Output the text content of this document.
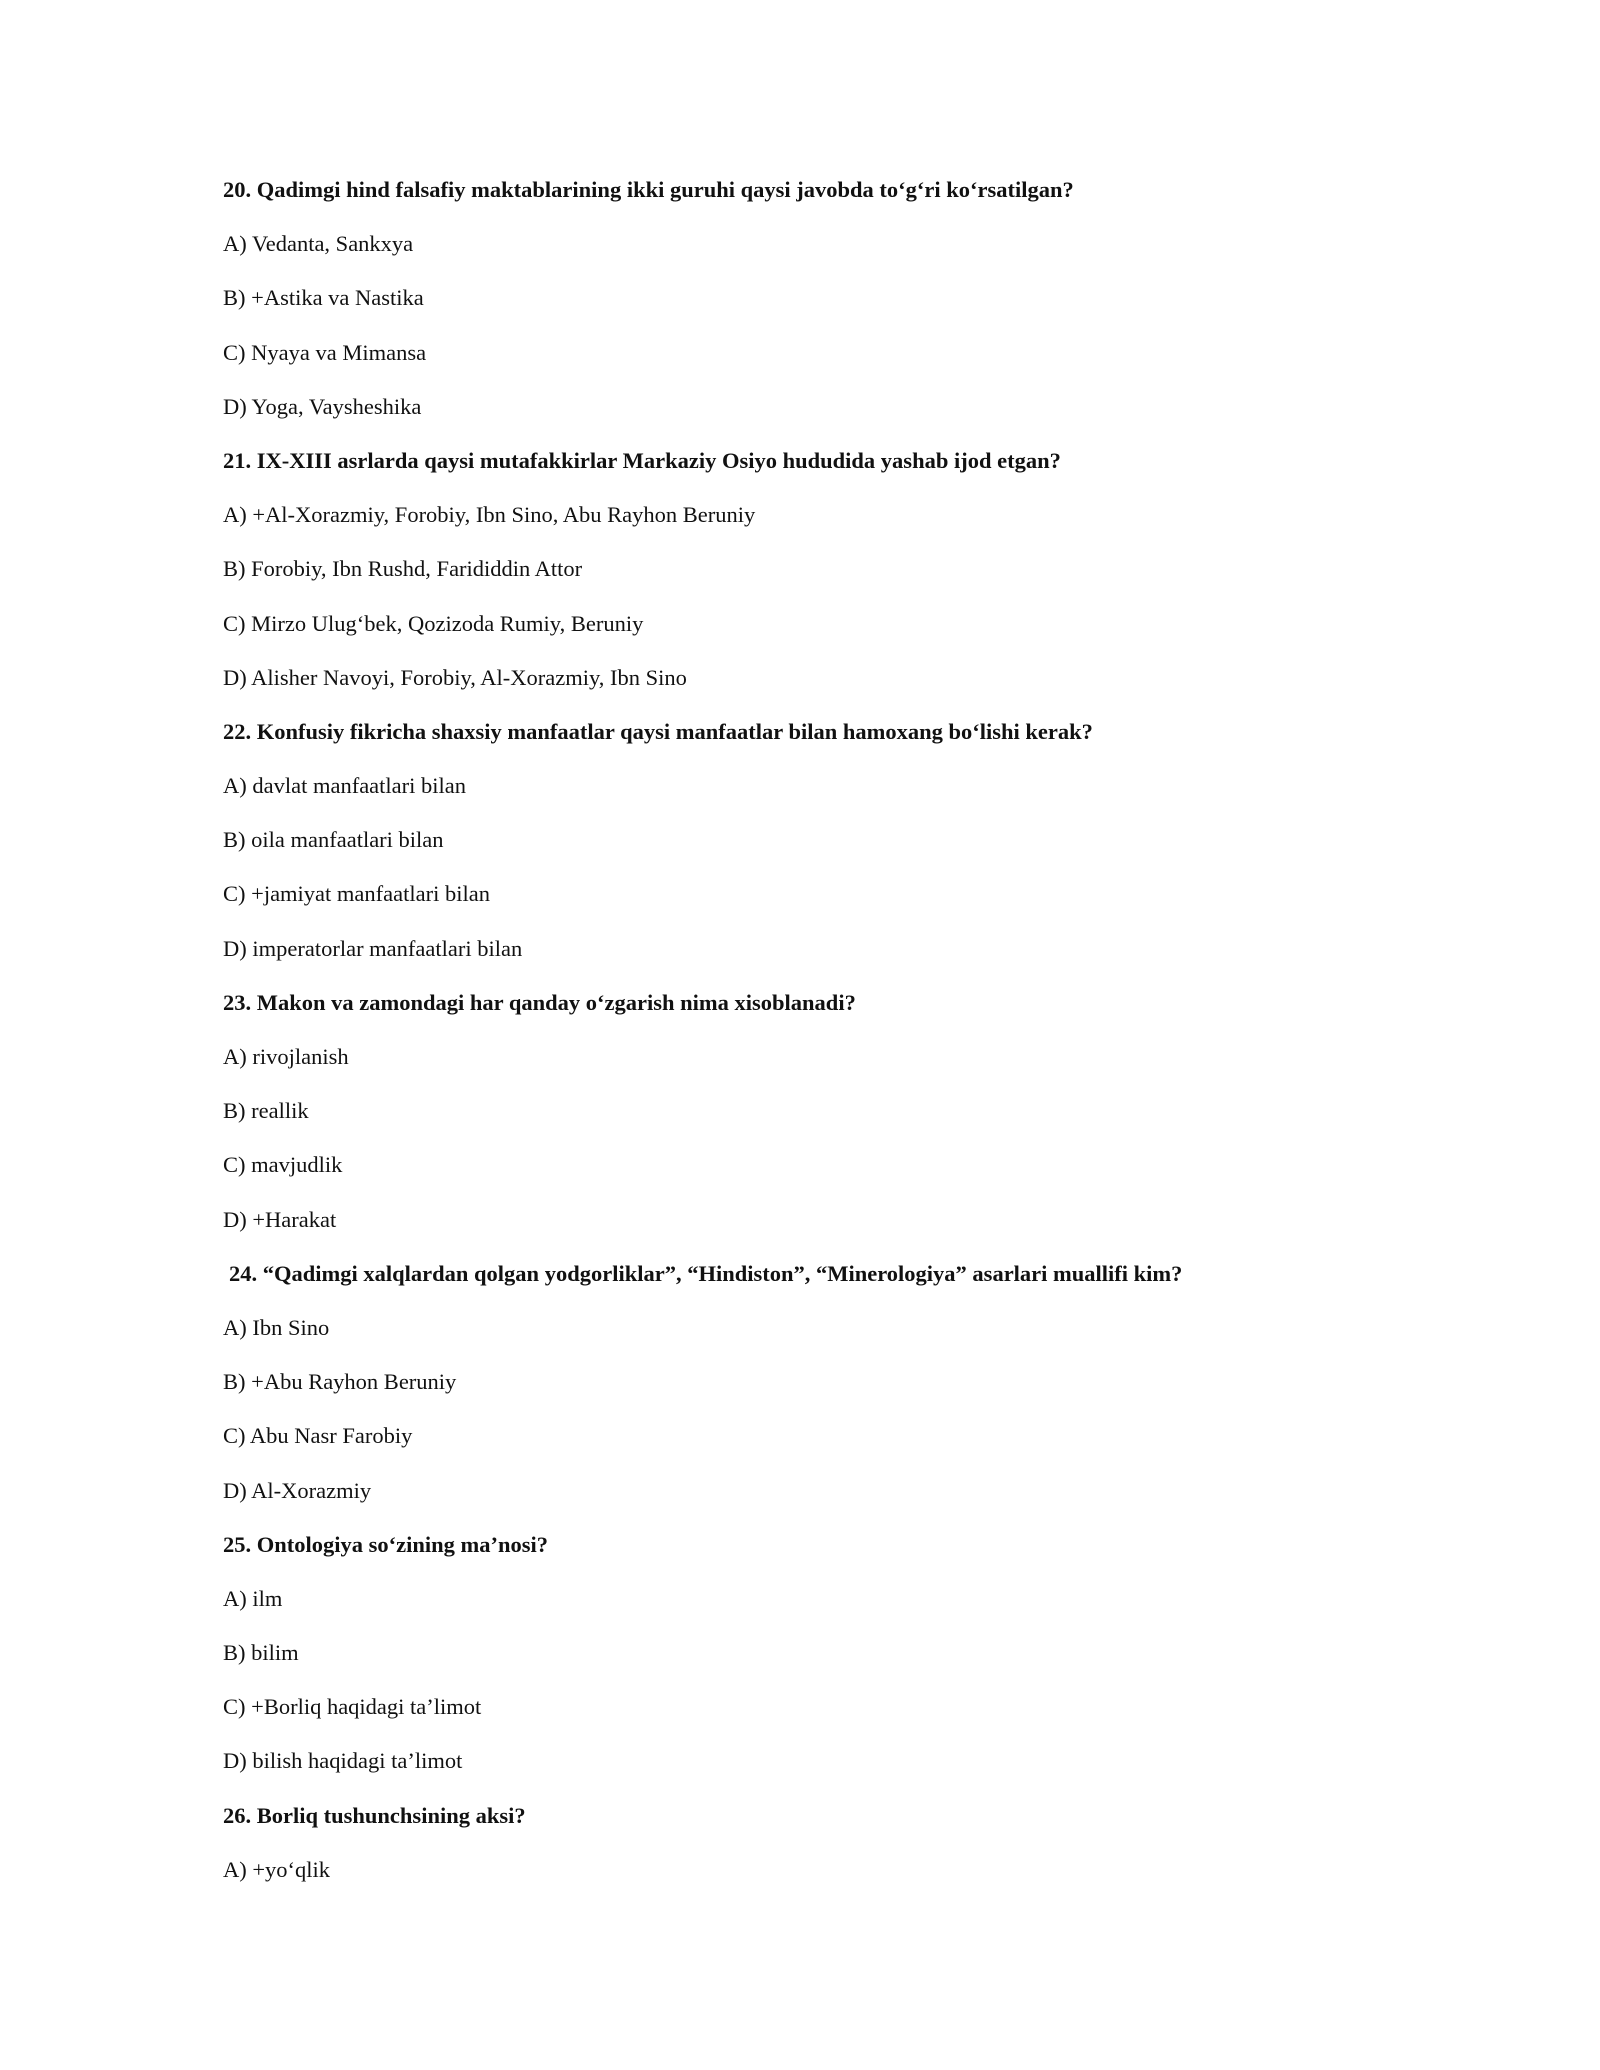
20. Qadimgi hind falsafiy maktablarining ikki guruhi qaysi javobda to‘g‘ri ko‘rsatilgan?
A) Vedanta, Sankxya
B) +Astika va Nastika
C) Nyaya va Mimansa
D) Yoga, Vaysheshika
21. IX-XIII asrlarda qaysi mutafakkirlar Markaziy Osiyo hududida yashab ijod etgan?
A) +Al-Xorazmiy, Forobiy, Ibn Sino, Abu Rayhon Beruniy
B) Forobiy, Ibn Rushd, Farididdin Attor
C) Mirzo Ulug‘bek, Qozizoda Rumiy, Beruniy
D) Alisher Navoyi, Forobiy, Al-Xorazmiy, Ibn Sino
22. Konfusiy fikricha shaxsiy manfaatlar qaysi manfaatlar bilan hamoxang bo‘lishi kerak?
A) davlat manfaatlari bilan
B) oila manfaatlari bilan
C) +jamiyat manfaatlari bilan
D) imperatorlar manfaatlari bilan
23. Makon va zamondagi har qanday o‘zgarish nima xisoblanadi?
A) rivojlanish
B) reallik
C) mavjudlik
D) +Harakat
24. “Qadimgi xalqlardan qolgan yodgorliklar”, “Hindiston”, “Minerologiya” asarlari muallifi kim?
A) Ibn Sino
B) +Abu Rayhon Beruniy
C) Abu Nasr Farobiy
D) Al-Xorazmiy
25. Ontologiya so‘zining ma’nosi?
A) ilm
B) bilim
C) +Borliq haqidagi ta’limot
D) bilish haqidagi ta’limot
26. Borliq tushunchsining aksi?
A) +yo‘qlik
